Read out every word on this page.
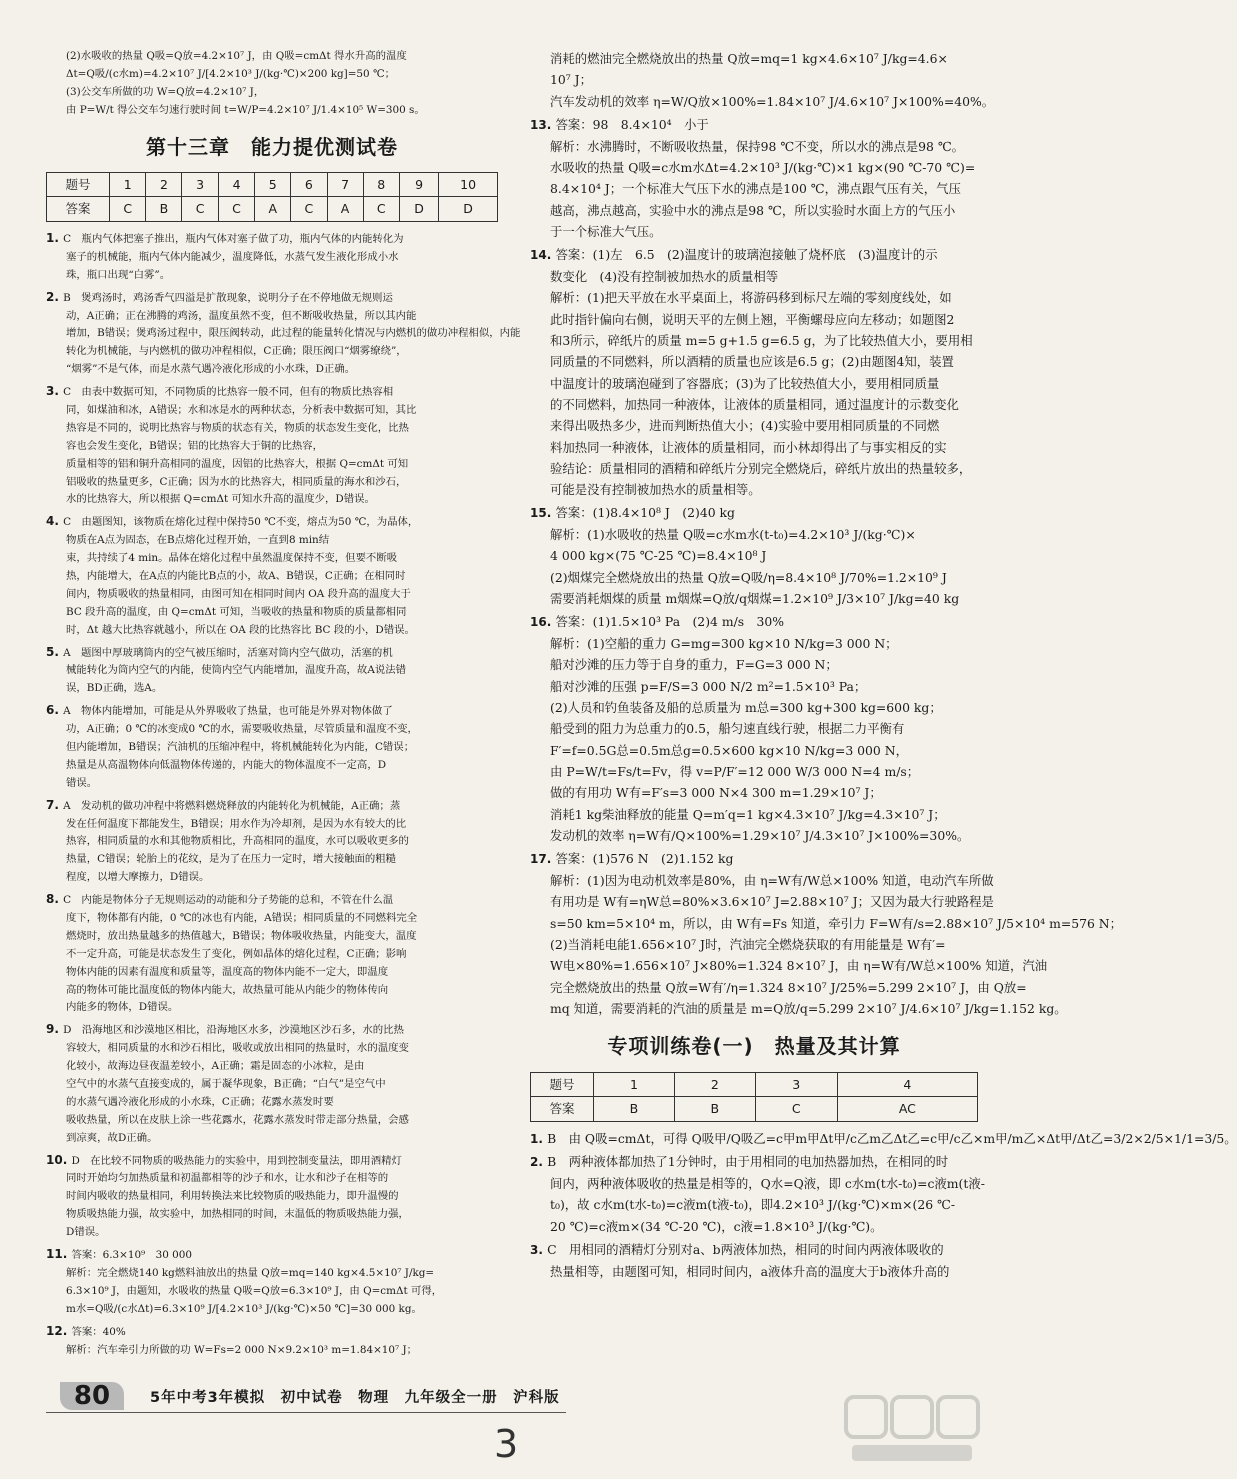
(2)水吸收的热量 Q吸=Q放=4.2×10⁷ J，由 Q吸=cmΔt 得水升高的温度
Δt=Q吸/(c水m)=4.2×10⁷ J/[4.2×10³ J/(kg·℃)×200 kg]=50 ℃；
(3)公交车所做的功 W=Q放=4.2×10⁷ J，
由 P=W/t 得公交车匀速行驶时间 t=W/P=4.2×10⁷ J/1.4×10⁵ W=300 s。
第十三章　能力提优测试卷
题号	1	2	3	4	5	6	7	8	9	10
答案	C	B	C	C	A	C	A	C	D	D
1. C　瓶内气体把塞子推出，瓶内气体对塞子做了功，瓶内气体的内能转化为
塞子的机械能，瓶内气体内能减少，温度降低，水蒸气发生液化形成小水
珠，瓶口出现“白雾”。
2. B　煲鸡汤时，鸡汤香气四溢是扩散现象，说明分子在不停地做无规则运
动，A正确；正在沸腾的鸡汤，温度虽然不变，但不断吸收热量，所以其内能
增加，B错误；煲鸡汤过程中，限压阀转动，此过程的能量转化情况与内燃机的做功冲程相似，内能
转化为机械能，与内燃机的做功冲程相似，C正确；限压阀口“烟雾缭绕”，
“烟雾”不是气体，而是水蒸气遇冷液化形成的小水珠，D正确。
3. C　由表中数据可知，不同物质的比热容一般不同，但有的物质比热容相
同，如煤油和冰，A错误；水和冰是水的两种状态，分析表中数据可知，其比
热容是不同的，说明比热容与物质的状态有关，物质的状态发生变化，比热
容也会发生变化，B错误；铝的比热容大于铜的比热容，
质量相等的铝和铜升高相同的温度，因铝的比热容大，根据 Q=cmΔt 可知
铝吸收的热量更多，C正确；因为水的比热容大，相同质量的海水和沙石，
水的比热容大，所以根据 Q=cmΔt 可知水升高的温度少，D错误。
4. C　由题图知，该物质在熔化过程中保持50 ℃不变，熔点为50 ℃，为晶体，
物质在A点为固态，在B点熔化过程开始，一直到8 min结
束，共持续了4 min。晶体在熔化过程中虽然温度保持不变，但要不断吸
热，内能增大，在A点的内能比B点的小，故A、B错误，C正确；在相同时
间内，物质吸收的热量相同，由图可知在相同时间内 OA 段升高的温度大于
BC 段升高的温度，由 Q=cmΔt 可知，当吸收的热量和物质的质量都相同
时，Δt 越大比热容就越小，所以在 OA 段的比热容比 BC 段的小，D错误。
5. A　题图中厚玻璃筒内的空气被压缩时，活塞对筒内空气做功，活塞的机
械能转化为筒内空气的内能，使筒内空气内能增加，温度升高，故A说法错
误，BD正确，选A。
6. A　物体内能增加，可能是从外界吸收了热量，也可能是外界对物体做了
功，A正确；0 ℃的冰变成0 ℃的水，需要吸收热量，尽管质量和温度不变，
但内能增加，B错误；汽油机的压缩冲程中，将机械能转化为内能，C错误；
热量是从高温物体向低温物体传递的，内能大的物体温度不一定高，D
错误。
7. A　发动机的做功冲程中将燃料燃烧释放的内能转化为机械能，A正确；蒸
发在任何温度下都能发生，B错误；用水作为冷却剂，是因为水有较大的比
热容，相同质量的水和其他物质相比，升高相同的温度，水可以吸收更多的
热量，C错误；轮胎上的花纹，是为了在压力一定时，增大接触面的粗糙
程度，以增大摩擦力，D错误。
8. C　内能是物体分子无规则运动的动能和分子势能的总和，不管在什么温
度下，物体都有内能，0 ℃的冰也有内能，A错误；相同质量的不同燃料完全
燃烧时，放出热量越多的热值越大，B错误；物体吸收热量，内能变大，温度
不一定升高，可能是状态发生了变化，例如晶体的熔化过程，C正确；影响
物体内能的因素有温度和质量等，温度高的物体内能不一定大，即温度
高的物体可能比温度低的物体内能大，故热量可能从内能少的物体传向
内能多的物体，D错误。
9. D　沿海地区和沙漠地区相比，沿海地区水多，沙漠地区沙石多，水的比热
容较大，相同质量的水和沙石相比，吸收或放出相同的热量时，水的温度变
化较小，故海边昼夜温差较小，A正确；霜是固态的小冰粒，是由
空气中的水蒸气直接变成的，属于凝华现象，B正确；“白气”是空气中
的水蒸气遇冷液化形成的小水珠，C正确；花露水蒸发时要
吸收热量，所以在皮肤上涂一些花露水，花露水蒸发时带走部分热量，会感
到凉爽，故D正确。
10. D　在比较不同物质的吸热能力的实验中，用到控制变量法，即用酒精灯
同时开始均匀加热质量和初温都相等的沙子和水，让水和沙子在相等的
时间内吸收的热量相同，利用转换法来比较物质的吸热能力，即升温慢的
物质吸热能力强，故实验中，加热相同的时间，末温低的物质吸热能力强，
D错误。
11. 答案：6.3×10⁹　30 000
解析：完全燃烧140 kg燃料油放出的热量 Q放=mq=140 kg×4.5×10⁷ J/kg=
6.3×10⁹ J，由题知，水吸收的热量 Q吸=Q放=6.3×10⁹ J，由 Q=cmΔt 可得，
m水=Q吸/(c水Δt)=6.3×10⁹ J/[4.2×10³ J/(kg·℃)×50 ℃]=30 000 kg。
12. 答案：40%
解析：汽车牵引力所做的功 W=Fs=2 000 N×9.2×10³ m=1.84×10⁷ J；
消耗的燃油完全燃烧放出的热量 Q放=mq=1 kg×4.6×10⁷ J/kg=4.6×
10⁷ J；
汽车发动机的效率 η=W/Q放×100%=1.84×10⁷ J/4.6×10⁷ J×100%=40%。
13. 答案：98　8.4×10⁴　小于
解析：水沸腾时，不断吸收热量，保持98 ℃不变，所以水的沸点是98 ℃。
水吸收的热量 Q吸=c水m水Δt=4.2×10³ J/(kg·℃)×1 kg×(90 ℃-70 ℃)=
8.4×10⁴ J；一个标准大气压下水的沸点是100 ℃，沸点跟气压有关，气压
越高，沸点越高，实验中水的沸点是98 ℃，所以实验时水面上方的气压小
于一个标准大气压。
14. 答案：(1)左　6.5　(2)温度计的玻璃泡接触了烧杯底　(3)温度计的示
数变化　(4)没有控制被加热水的质量相等
解析：(1)把天平放在水平桌面上，将游码移到标尺左端的零刻度线处，如
此时指针偏向右侧，说明天平的左侧上翘，平衡螺母应向左移动；如题图2
和3所示，碎纸片的质量 m=5 g+1.5 g=6.5 g，为了比较热值大小，要用相
同质量的不同燃料，所以酒精的质量也应该是6.5 g；(2)由题图4知，装置
中温度计的玻璃泡碰到了容器底；(3)为了比较热值大小，要用相同质量
的不同燃料，加热同一种液体，让液体的质量相同，通过温度计的示数变化
来得出吸热多少，进而判断热值大小；(4)实验中要用相同质量的不同燃
料加热同一种液体，让液体的质量相同，而小林却得出了与事实相反的实
验结论：质量相同的酒精和碎纸片分别完全燃烧后，碎纸片放出的热量较多，
可能是没有控制被加热水的质量相等。
15. 答案：(1)8.4×10⁸ J　(2)40 kg
解析：(1)水吸收的热量 Q吸=c水m水(t-t₀)=4.2×10³ J/(kg·℃)×
4 000 kg×(75 ℃-25 ℃)=8.4×10⁸ J
(2)烟煤完全燃烧放出的热量 Q放=Q吸/η=8.4×10⁸ J/70%=1.2×10⁹ J
需要消耗烟煤的质量 m烟煤=Q放/q烟煤=1.2×10⁹ J/3×10⁷ J/kg=40 kg
16. 答案：(1)1.5×10³ Pa　(2)4 m/s　30%
解析：(1)空船的重力 G=mg=300 kg×10 N/kg=3 000 N；
船对沙滩的压力等于自身的重力，F=G=3 000 N；
船对沙滩的压强 p=F/S=3 000 N/2 m²=1.5×10³ Pa；
(2)人员和钓鱼装备及船的总质量为 m总=300 kg+300 kg=600 kg；
船受到的阻力为总重力的0.5，船匀速直线行驶，根据二力平衡有
F′=f=0.5G总=0.5m总g=0.5×600 kg×10 N/kg=3 000 N，
由 P=W/t=Fs/t=Fv，得 v=P/F′=12 000 W/3 000 N=4 m/s；
做的有用功 W有=F′s=3 000 N×4 300 m=1.29×10⁷ J；
消耗1 kg柴油释放的能量 Q=m′q=1 kg×4.3×10⁷ J/kg=4.3×10⁷ J；
发动机的效率 η=W有/Q×100%=1.29×10⁷ J/4.3×10⁷ J×100%=30%。
17. 答案：(1)576 N　(2)1.152 kg
解析：(1)因为电动机效率是80%，由 η=W有/W总×100% 知道，电动汽车所做
有用功是 W有=ηW总=80%×3.6×10⁷ J=2.88×10⁷ J；又因为最大行驶路程是
s=50 km=5×10⁴ m，所以，由 W有=Fs 知道，牵引力 F=W有/s=2.88×10⁷ J/5×10⁴ m=576 N；
(2)当消耗电能1.656×10⁷ J时，汽油完全燃烧获取的有用能量是 W有′=
W电×80%=1.656×10⁷ J×80%=1.324 8×10⁷ J，由 η=W有/W总×100% 知道，汽油
完全燃烧放出的热量 Q放=W有′/η=1.324 8×10⁷ J/25%=5.299 2×10⁷ J，由 Q放=
mq 知道，需要消耗的汽油的质量是 m=Q放/q=5.299 2×10⁷ J/4.6×10⁷ J/kg=1.152 kg。
专项训练卷(一)　热量及其计算
题号	1	2	3	4
答案	B	B	C	AC
1. B　由 Q吸=cmΔt，可得 Q吸甲/Q吸乙=c甲m甲Δt甲/c乙m乙Δt乙=c甲/c乙×m甲/m乙×Δt甲/Δt乙=3/2×2/5×1/1=3/5。
2. B　两种液体都加热了1分钟时，由于用相同的电加热器加热，在相同的时
间内，两种液体吸收的热量是相等的，Q水=Q液，即 c水m(t水-t₀)=c液m(t液-
t₀)，故 c水m(t水-t₀)=c液m(t液-t₀)，即4.2×10³ J/(kg·℃)×m×(26 ℃-
20 ℃)=c液m×(34 ℃-20 ℃)，c液=1.8×10³ J/(kg·℃)。
3. C　用相同的酒精灯分别对a、b两液体加热，相同的时间内两液体吸收的
热量相等，由题图可知，相同时间内，a液体升高的温度大于b液体升高的
80	5年中考3年模拟　初中试卷　物理　九年级全一册　沪科版
3
